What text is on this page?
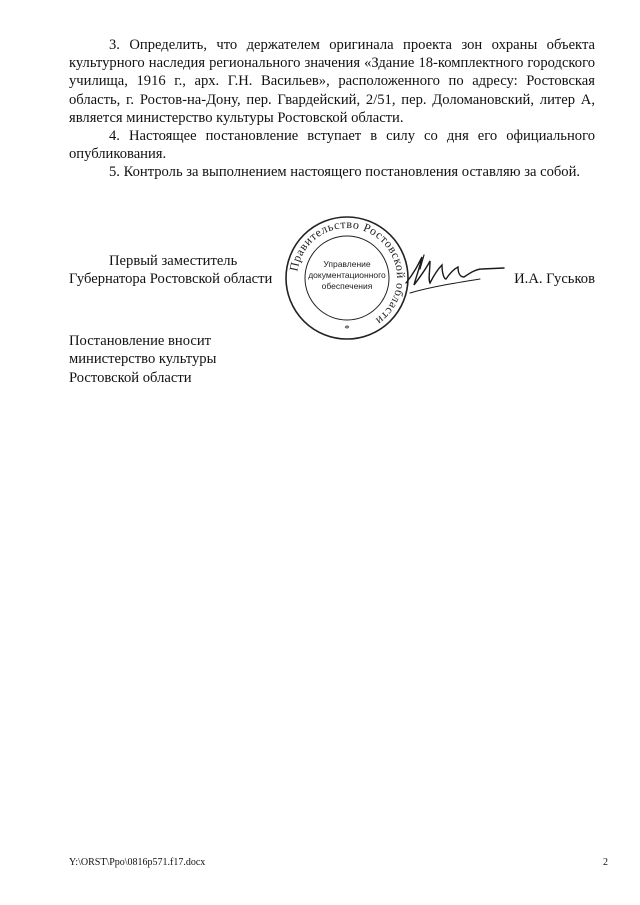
3. Определить, что держателем оригинала проекта зон охраны объекта культурного наследия регионального значения «Здание 18-комплектного городского училища, 1916 г., арх. Г.Н. Васильев», расположенного по адресу: Ростовская область, г. Ростов-на-Дону, пер. Гвардейский, 2/51, пер. Доломановский, литер А, является министерство культуры Ростовской области.

4. Настоящее постановление вступает в силу со дня его официального опубликования.

5. Контроль за выполнением настоящего постановления оставляю за собой.

Первый заместитель
Губернатора Ростовской области
Правительство Ростовской области
Управление
документационного
обеспечения
*
И.А. Гуськов
Постановление вносит
министерство культуры
Ростовской области
Y:\ORST\Ppo\0816p571.f17.docx	2
